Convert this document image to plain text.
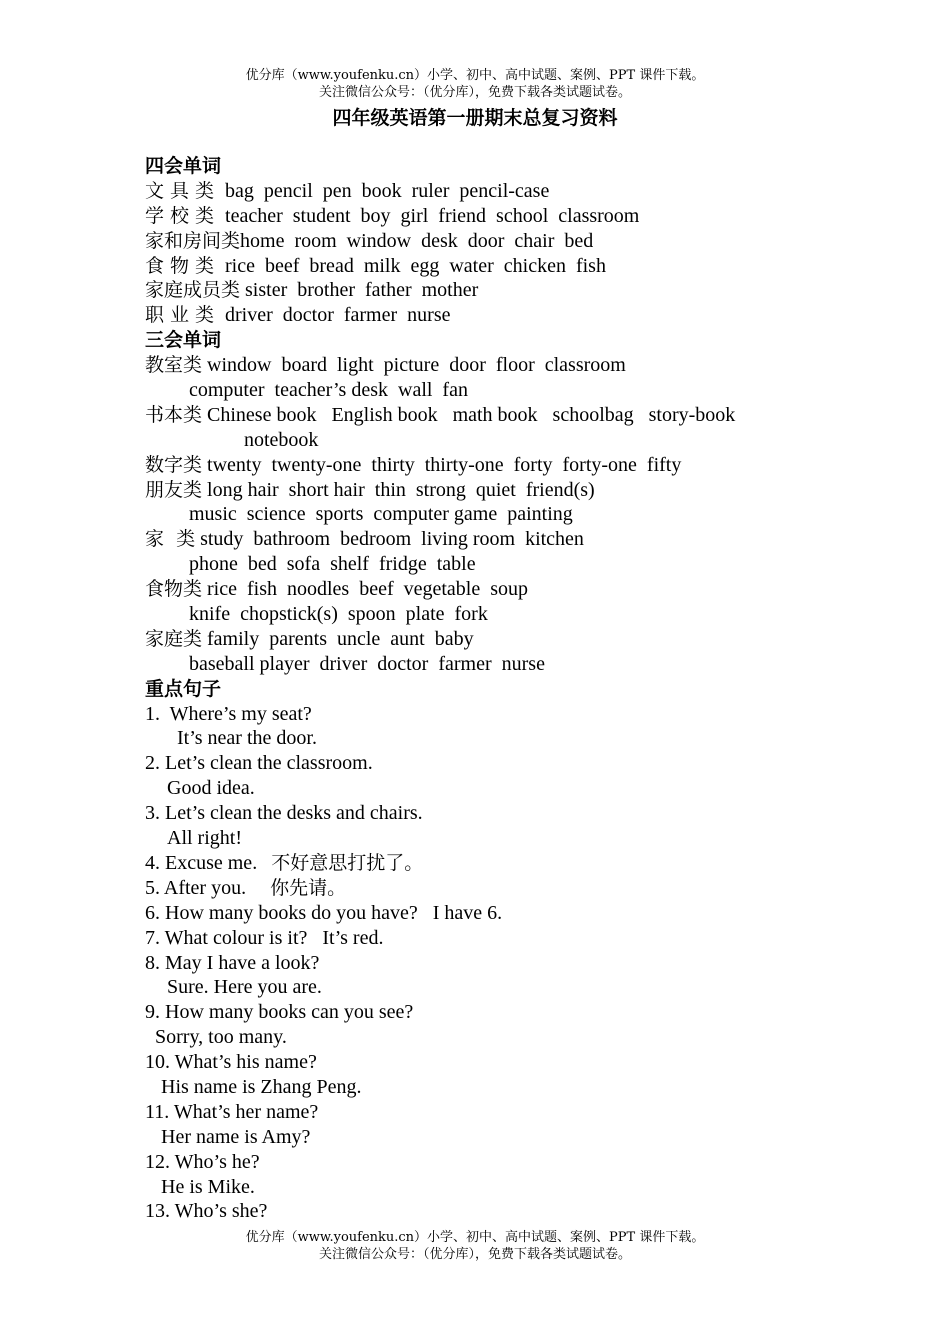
优分库（www.youfenku.cn）小学、初中、高中试题、案例、PPT 课件下载。
关注微信公众号：（优分库），免费下载各类试题试卷。
四年级英语第一册期末总复习资料
四会单词
文具类 bag  pencil  pen  book  ruler  pencil-case
学校类 teacher  student  boy  girl  friend  school  classroom
家和房间类home  room  window  desk  door  chair  bed
食物类 rice  beef  bread  milk  egg  water  chicken  fish
家庭成员类 sister  brother  father  mother
职业类 driver  doctor  farmer  nurse
三会单词
教室类 window  board  light  picture  door  floor  classroom
computer  teacher’s desk  wall  fan
书本类 Chinese book   English book   math book   schoolbag   story-book
notebook
数字类 twenty  twenty-one  thirty  thirty-one  forty  forty-one  fifty
朋友类 long hair  short hair  thin  strong  quiet  friend(s)
music  science  sports  computer game  painting
家  类 study  bathroom  bedroom  living room  kitchen
phone  bed  sofa  shelf  fridge  table
食物类 rice  fish  noodles  beef  vegetable  soup
knife  chopstick(s)  spoon  plate  fork
家庭类 family  parents  uncle  aunt  baby
baseball player  driver  doctor  farmer  nurse
重点句子
1.  Where’s my seat?
It’s near the door.
2. Let’s clean the classroom.
Good idea.
3. Let’s clean the desks and chairs.
All right!
4. Excuse me. 不好意思打扰了。
5. After you. 你先请。
6. How many books do you have?   I have 6.
7. What colour is it?   It’s red.
8. May I have a look?
Sure. Here you are.
9. How many books can you see?
Sorry, too many.
10. What’s his name?
His name is Zhang Peng.
11. What’s her name?
Her name is Amy?
12. Who’s he?
He is Mike.
13. Who’s she?
优分库（www.youfenku.cn）小学、初中、高中试题、案例、PPT 课件下载。
关注微信公众号：（优分库），免费下载各类试题试卷。
